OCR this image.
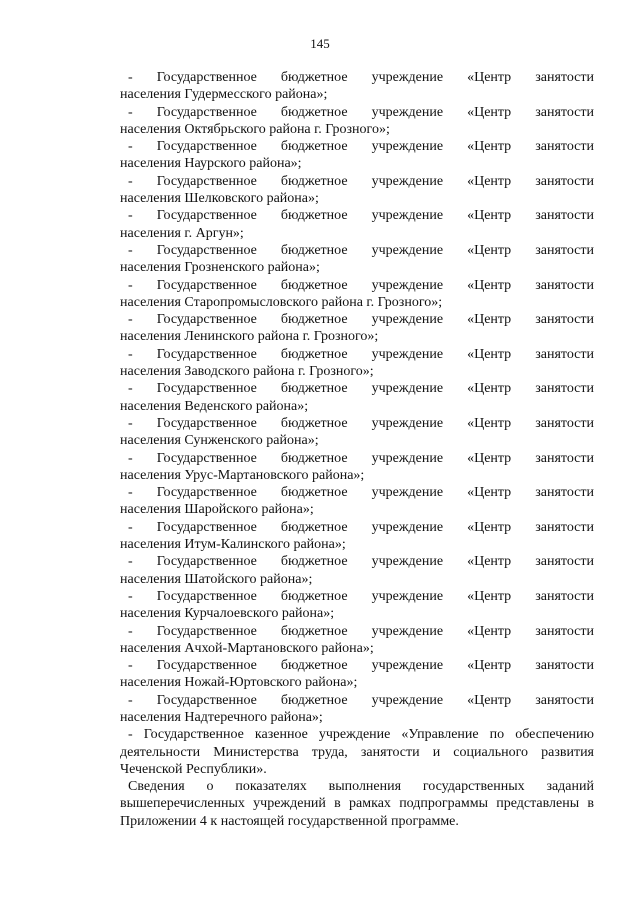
145
- Государственное бюджетное учреждение «Центр занятости
населения Гудермесского района»;
- Государственное бюджетное учреждение «Центр занятости
населения Октябрьского района г. Грозного»;
- Государственное бюджетное учреждение «Центр занятости
населения Наурского района»;
- Государственное бюджетное учреждение «Центр занятости
населения Шелковского района»;
- Государственное бюджетное учреждение «Центр занятости
населения г. Аргун»;
- Государственное бюджетное учреждение «Центр занятости
населения Грозненского района»;
- Государственное бюджетное учреждение «Центр занятости
населения Старопромысловского района г. Грозного»;
- Государственное бюджетное учреждение «Центр занятости
населения Ленинского района г. Грозного»;
- Государственное бюджетное учреждение «Центр занятости
населения Заводского района г. Грозного»;
- Государственное бюджетное учреждение «Центр занятости
населения Веденского района»;
- Государственное бюджетное учреждение «Центр занятости
населения Сунженского района»;
- Государственное бюджетное учреждение «Центр занятости
населения Урус-Мартановского района»;
- Государственное бюджетное учреждение «Центр занятости
населения Шаройского района»;
- Государственное бюджетное учреждение «Центр занятости
населения Итум-Калинского района»;
- Государственное бюджетное учреждение «Центр занятости
населения Шатойского района»;
- Государственное бюджетное учреждение «Центр занятости
населения Курчалоевского района»;
- Государственное бюджетное учреждение «Центр занятости
населения Ачхой-Мартановского района»;
- Государственное бюджетное учреждение «Центр занятости
населения Ножай-Юртовского района»;
- Государственное бюджетное учреждение «Центр занятости
населения Надтеречного района»;
- Государственное казенное учреждение «Управление по обеспечению
деятельности Министерства труда, занятости и социального развития
Чеченской Республики».
Сведения о показателях выполнения государственных заданий
вышеперечисленных учреждений в рамках подпрограммы представлены в
Приложении 4 к настоящей государственной программе.
